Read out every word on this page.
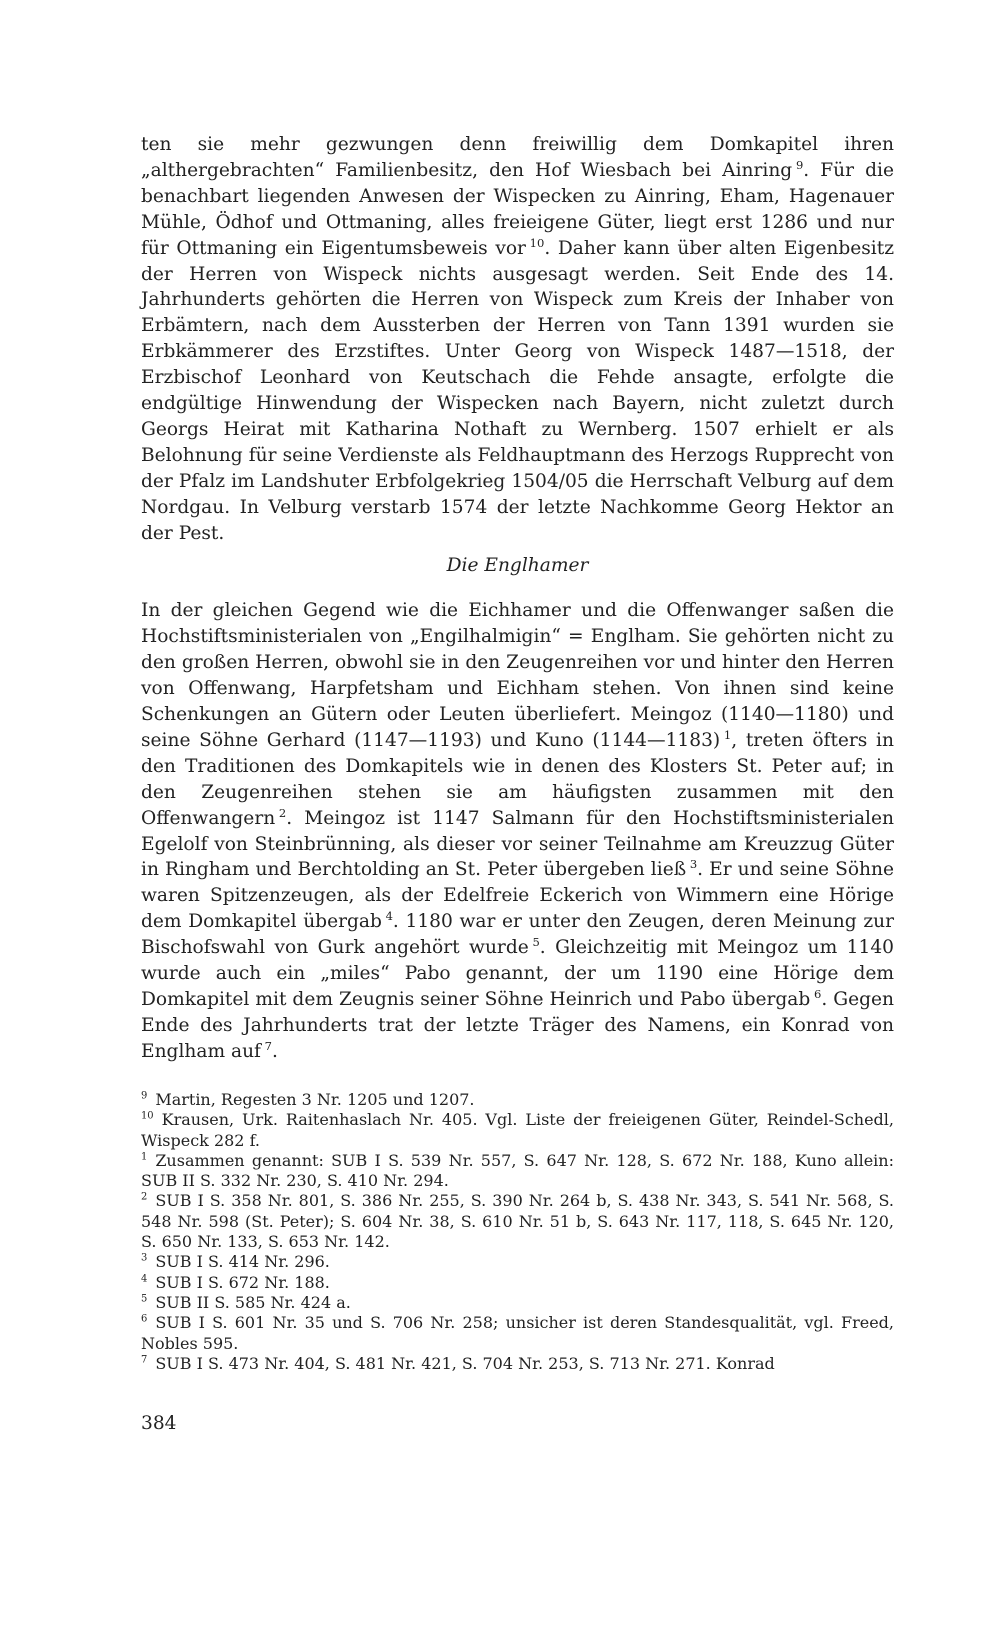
ten sie mehr gezwungen denn freiwillig dem Domkapitel ihren „althergebrachten“ Familienbesitz, den Hof Wiesbach bei Ainring  $^9$. Für die benachbart liegenden Anwesen der Wispecken zu Ainring, Eham, Hagenauer Mühle, Ödhof und Ottmaning, alles freieigene Güter, liegt erst 1286 und nur für Ottmaning ein Eigentumsbeweis vor  $^{10}$. Daher kann über alten Eigenbesitz der Herren von Wispeck nichts ausgesagt werden. Seit Ende des 14. Jahrhunderts gehörten die Herren von Wispeck zum Kreis der Inhaber von Erbämtern, nach dem Aussterben der Herren von Tann 1391 wurden sie Erbkämmerer des Erzstiftes. Unter Georg von Wispeck 1487—1518, der Erzbischof Leonhard von Keutschach die Fehde ansagte, erfolgte die endgültige Hinwendung der Wispecken nach Bayern, nicht zuletzt durch Georgs Heirat mit Katharina Nothaft zu Wernberg. 1507 erhielt er als Belohnung für seine Verdienste als Feldhauptmann des Herzogs Rupprecht von der Pfalz im Landshuter Erbfolgekrieg 1504/05 die Herrschaft Velburg auf dem Nordgau. In Velburg verstarb 1574 der letzte Nachkomme Georg Hektor an der Pest.

Die Englhamer

In der gleichen Gegend wie die Eichhamer und die Offenwanger saßen die Hochstiftsministerialen von „Engilhalmigin“ = Englham. Sie gehörten nicht zu den großen Herren, obwohl sie in den Zeugenreihen vor und hinter den Herren von Offenwang, Harpfetsham und Eichham stehen. Von ihnen sind keine Schenkungen an Gütern oder Leuten überliefert. Meingoz (1140—1180) und seine Söhne Gerhard (1147—1193) und Kuno (1144—1183)  $^1$, treten öfters in den Traditionen des Domkapitels wie in denen des Klosters St. Peter auf; in den Zeugenreihen stehen sie am häufigsten zusammen mit den Offenwangern  $^2$. Meingoz ist 1147 Salmann für den Hochstiftsministerialen Egelolf von Steinbrünning, als dieser vor seiner Teilnahme am Kreuzzug Güter in Ringham und Berchtolding an St. Peter übergeben ließ  $^3$. Er und seine Söhne waren Spitzenzeugen, als der Edelfreie Eckerich von Wimmern eine Hörige dem Domkapitel übergab  $^4$. 1180 war er unter den Zeugen, deren Meinung zur Bischofswahl von Gurk angehört wurde  $^5$. Gleichzeitig mit Meingoz um 1140 wurde auch ein „miles“ Pabo genannt, der um 1190 eine Hörige dem Domkapitel mit dem Zeugnis seiner Söhne Heinrich und Pabo übergab  $^6$. Gegen Ende des Jahrhunderts trat der letzte Träger des Namens, ein Konrad von Englham auf  $^7$.

$^9$  Martin, Regesten 3 Nr. 1205 und 1207.

$^{10}$  Krausen, Urk. Raitenhaslach Nr. 405. Vgl. Liste der freieigenen Güter, Reindel-Schedl, Wispeck 282 f.

$^1$  Zusammen genannt: SUB I S. 539 Nr. 557, S. 647 Nr. 128, S. 672 Nr. 188, Kuno allein: SUB II S. 332 Nr. 230, S. 410 Nr. 294.

$^2$  SUB I S. 358 Nr. 801, S. 386 Nr. 255, S. 390 Nr. 264 b, S. 438 Nr. 343, S. 541 Nr. 568, S. 548 Nr. 598 (St. Peter); S. 604 Nr. 38, S. 610 Nr. 51 b, S. 643 Nr. 117, 118, S. 645 Nr. 120, S. 650 Nr. 133, S. 653 Nr. 142.

$^3$  SUB I S. 414 Nr. 296.

$^4$  SUB I S. 672 Nr. 188.

$^5$  SUB II S. 585 Nr. 424 a.

$^6$  SUB I S. 601 Nr. 35 und S. 706 Nr. 258; unsicher ist deren Standesqualität, vgl. Freed, Nobles 595.

$^7$  SUB I S. 473 Nr. 404, S. 481 Nr. 421, S. 704 Nr. 253, S. 713 Nr. 271. Konrad

384
